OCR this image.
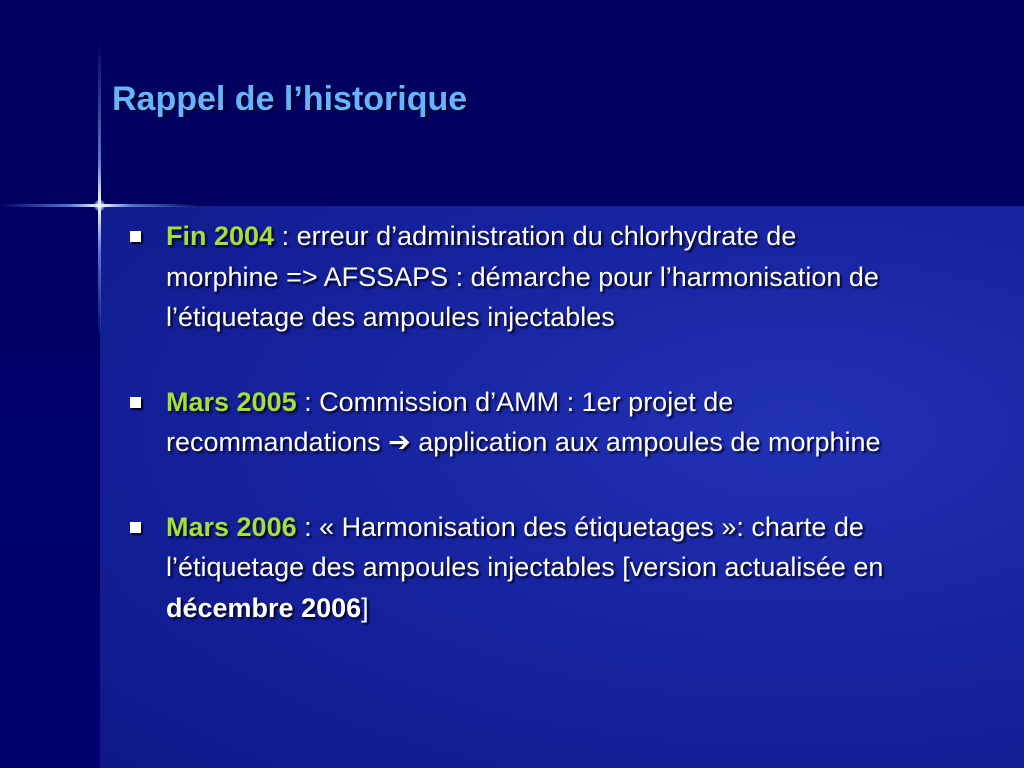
Rappel de l’historique
Fin 2004 : erreur d’administration du chlorhydrate de morphine => AFSSAPS : démarche pour l’harmonisation de l’étiquetage des ampoules injectables
Mars 2005 : Commission d’AMM : 1er projet de recommandations ➔ application aux ampoules de morphine
Mars 2006 : « Harmonisation des étiquetages »: charte de l’étiquetage des ampoules injectables [version actualisée en décembre 2006]
